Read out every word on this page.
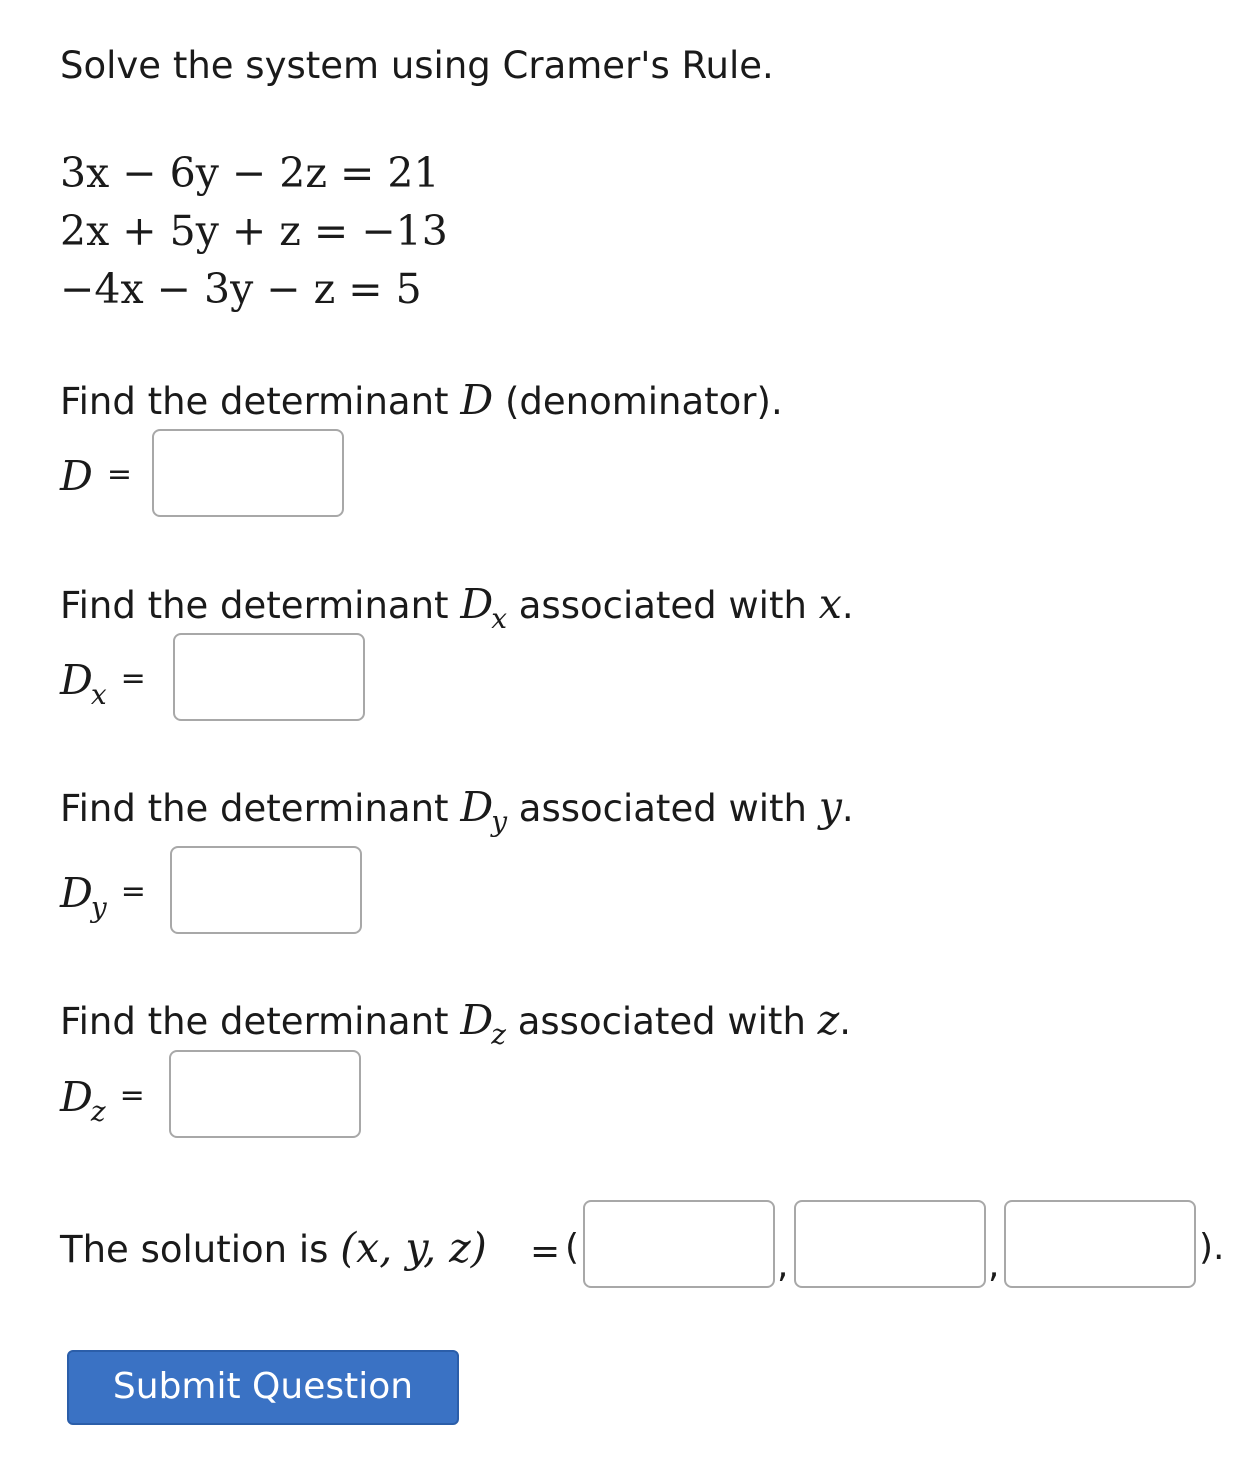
Solve the system using Cramer's Rule.
3x − 6y − 2z = 21
2x + 5y + z = −13
−4x − 3y − z = 5
Find the determinant D (denominator).
D =
Find the determinant $D_x$ associated with x.
$D_x$ =
Find the determinant $D_y$ associated with y.
$D_y$ =
Find the determinant $D_z$ associated with z.
$D_z$ =
The solution is (x, y, z) = (	,	,	).
Submit Question
